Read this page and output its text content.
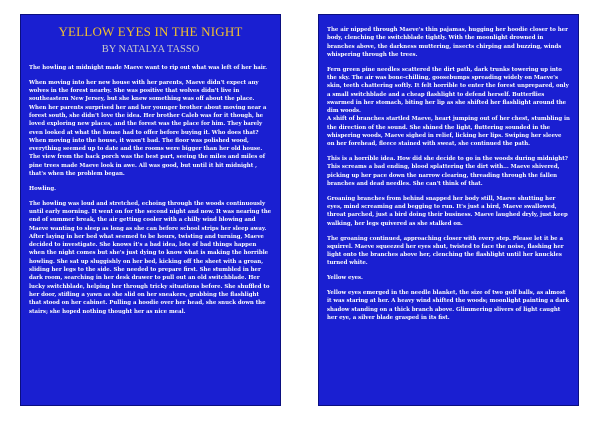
YELLOW EYES IN THE NIGHT
BY NATALYA TASSO

The howling at midnight made Maeve want to rip out what was left of her hair.

When moving into her new house with her parents, Maeve didn't expect any wolves in the forest nearby. She was positive that wolves didn't live in southeastern New Jersey, but she knew something was off about the place.

When her parents surprised her and her younger brother about moving near a forest south, she didn't love the idea. Her brother Caleb was for it though, he loved exploring new places, and the forest was the place for him. They barely even looked at what the house had to offer before buying it. Who does that?

When moving into the house, it wasn't bad. The floor was polished wood, everything seemed up to date and the rooms were bigger than her old house. The view from the back porch was the best part, seeing the miles and miles of pine trees made Maeve look in awe. All was good, but until it hit midnight , that's when the problem began.

Howling.

The howling was loud and stretched, echoing through the woods continuously until early morning. It went on for the second night and now. It was nearing the end of summer break, the air getting cooler with a chilly wind blowing and Maeve wanting to sleep as long as she can before school strips her sleep away.

After laying in her bed what seemed to be hours, twisting and turning, Maeve decided to investigate. She knows it's a bad idea, lots of bad things happen when the night comes but she's just dying to know what is making the horrible howling. She sat up sluggishly on her bed, kicking off the sheet with a groan, sliding her legs to the side. She needed to prepare first. She stumbled in her dark room, searching in her desk drawer to pull out an old switchblade. Her lucky switchblade, helping her through tricky situations before. She shuffled to her door, stifling a yawn as she slid on her sneakers, grabbing the flashlight that stood on her cabinet. Pulling a hoodie over her head, she snuck down the stairs; she hoped nothing thought her as nice meal.

The air nipped through Maeve's thin pajamas, hugging her hoodie closer to her body, clenching the switchblade tightly. With the moonlight drowned in branches above, the darkness muttering, insects chirping and buzzing, winds whispering through the trees.

Fern green pine needles scattered the dirt path, dark trunks towering up into the sky. The air was bone-chilling, goosebumps spreading widely on Maeve's skin, teeth chattering softly. It felt horrible to enter the forest unprepared, only a small switchblade and a cheap flashlight to defend herself. Butterflies swarmed in her stomach, biting her lip as she shifted her flashlight around the dim woods.

A shift of branches startled Maeve, heart jumping out of her chest, stumbling in the direction of the sound. She shined the light, fluttering sounded in the whispering woods, Maeve sighed in relief, licking her lips. Swiping her sleeve on her forehead, fleece stained with sweat, she continued the path.

This is a horrible idea. How did she decide to go in the woods during midnight? This screams a bad ending, blood splattering the dirt with... Maeve shivered, picking up her pace down the narrow clearing, threading through the fallen branches and dead needles. She can't think of that.

Groaning branches from behind snapped her body still, Maeve shutting her eyes, mind screaming and begging to run. It's just a bird, Maeve swallowed, throat parched, just a bird doing their business. Maeve laughed dryly, just keep walking, her legs quivered as she stalked on.

The groaning continued, approaching closer with every step. Please let it be a squirrel. Maeve squeezed her eyes shut, twisted to face the noise, flashing her light onto the branches above her, clenching the flashlight until her knuckles turned white.

Yellow eyes.

Yellow eyes emerged in the needle blanket, the size of two golf balls, as almost it was staring at her. A heavy wind shifted the woods; moonlight painting a dark shadow standing on a thick branch above. Glimmering slivers of light caught her eye, a silver blade grasped in its fist.
